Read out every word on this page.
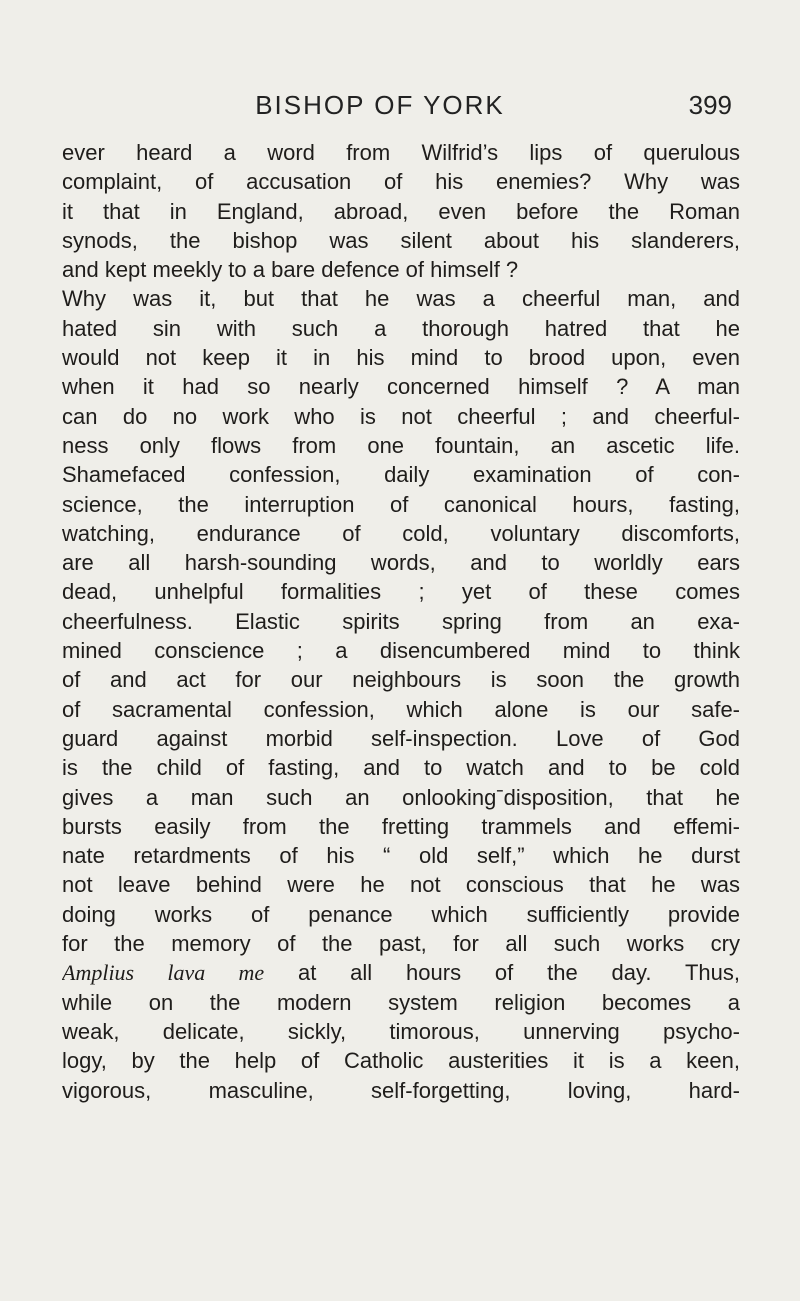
BISHOP OF YORK	399
ever heard a word from Wilfrid’s lips of querulous
complaint, of accusation of his enemies? Why was
it that in England, abroad, even before the Roman
synods, the bishop was silent about his slanderers,
and kept meekly to a bare defence of himself ?
Why was it, but that he was a cheerful man, and
hated sin with such a thorough hatred that he
would not keep it in his mind to brood upon, even
when it had so nearly concerned himself ? A man
can do no work who is not cheerful ; and cheerful-
ness only flows from one fountain, an ascetic life.
Shamefaced confession, daily examination of con-
science, the interruption of canonical hours, fasting,
watching, endurance of cold, voluntary discomforts,
are all harsh-sounding words, and to worldly ears
dead, unhelpful formalities ; yet of these comes
cheerfulness. Elastic spirits spring from an exa-
mined conscience ; a disencumbered mind to think
of and act for our neighbours is soon the growth
of sacramental confession, which alone is our safe-
guard against morbid self-inspection. Love of God
is the child of fasting, and to watch and to be cold
gives a man such an onlookingˉdisposition, that he
bursts easily from the fretting trammels and effemi-
nate retardments of his “ old self,” which he durst
not leave behind were he not conscious that he was
doing works of penance which sufficiently provide
for the memory of the past, for all such works cry
Amplius lava me at all hours of the day. Thus,
while on the modern system religion becomes a
weak, delicate, sickly, timorous, unnerving psycho-
logy, by the help of Catholic austerities it is a keen,
vigorous, masculine, self-forgetting, loving, hard-
